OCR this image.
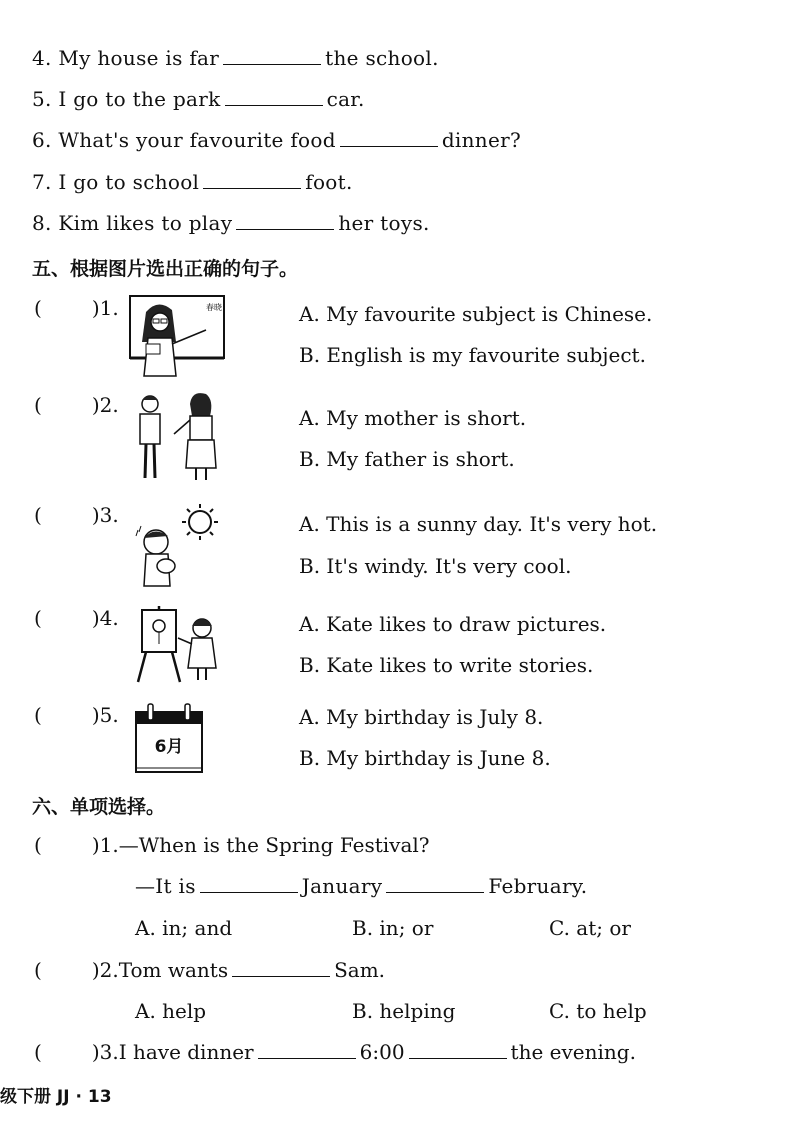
4. My house is far	the school.
5. I go to the park	car.
6. What's your favourite food	dinner?
7. I go to school	foot.
8. Kim likes to play	her toys.
五、根据图片选出正确的句子。
(	)1.	春晓	A. My favourite subject is Chinese.
B. English is my favourite subject.
(	)2.
A. My mother is short.
B. My father is short.
(	)3.	A. This is a sunny day. It's very hot.
B. It's windy. It's very cool.
(	)4.	A. Kate likes to draw pictures.
B. Kate likes to write stories.
(	)5.
6月
A. My birthday is July 8.
B. My birthday is June 8.
六、单项选择。
(	)1.—When is the Spring Festival?
—It is	January	February.
A. in; and	B. in; or	C. at; or
(	)2.Tom wants	Sam.
A. help	B. helping	C. to help
(	)3.I have dinner	6:00	the evening.
级下册 JJ · 13
